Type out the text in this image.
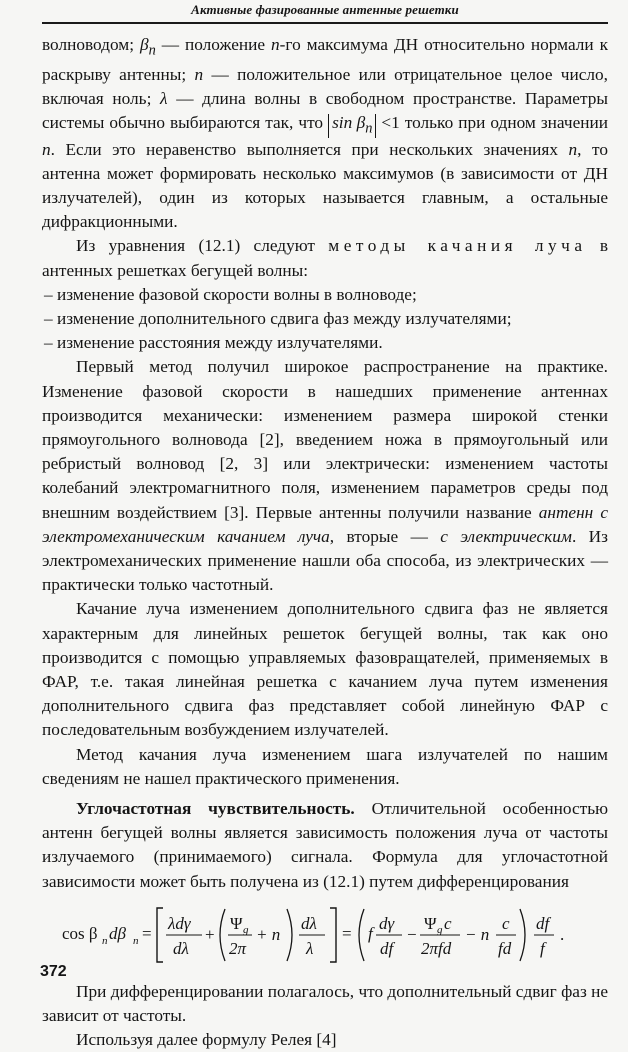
Активные фазированные антенные решетки

волноводом; $\beta_n$ — положение n-го максимума ДН относительно нормали к раскрыву антенны; n — положительное или отрицательное целое число, включая ноль; λ — длина волны в свободном пространстве. Параметры системы обычно выбираются так, что $\sin \beta_n <1$ только при одном значении n. Если это неравенство выполняется при нескольких значениях n, то антенна может формировать несколько максимумов (в зависимости от ДН излучателей), один из которых называется главным, а остальные дифракционными.

Из уравнения (12.1) следуют методы качания луча в антенных решетках бегущей волны:

– изменение фазовой скорости волны в волноводе;

– изменение дополнительного сдвига фаз между излучателями;

– изменение расстояния между излучателями.

Первый метод получил широкое распространение на практике. Изменение фазовой скорости в нашедших применение антеннах производится механически: изменением размера широкой стенки прямоугольного волновода [2], введением ножа в прямоугольный или ребристый волновод [2, 3] или электрически: изменением частоты колебаний электромагнитного поля, изменением параметров среды под внешним воздействием [3]. Первые антенны получили название антенн с электромеханическим качанием луча, вторые — с электрическим. Из электромеханических применение нашли оба способа, из электрических — практически только частотный.

Качание луча изменением дополнительного сдвига фаз не является характерным для линейных решеток бегущей волны, так как оно производится с помощью управляемых фазовращателей, применяемых в ФАР, т.е. такая линейная решетка с качанием луча путем изменения дополнительного сдвига фаз представляет собой линейную ФАР с последовательным возбуждением излучателей.

Метод качания луча изменением шага излучателей по нашим сведениям не нашел практического применения.

Углочастотная чувствительность. Отличительной особенностью антенн бегущей волны является зависимость положения луча от частоты излучаемого (принимаемого) сигнала. Формула для углочастотной зависимости может быть получена из (12.1) путем дифференцирования

cos β n dβ n =
λdγ
dλ
+
Ψ g
2π
+ n
dλ
λ
= f
dγ
df
−
Ψ g c
2πfd
− n
c
fd
df
f
.

При дифференцировании полагалось, что дополнительный сдвиг фаз не зависит от частоты.

Используя далее формулу Релея [4]

372
